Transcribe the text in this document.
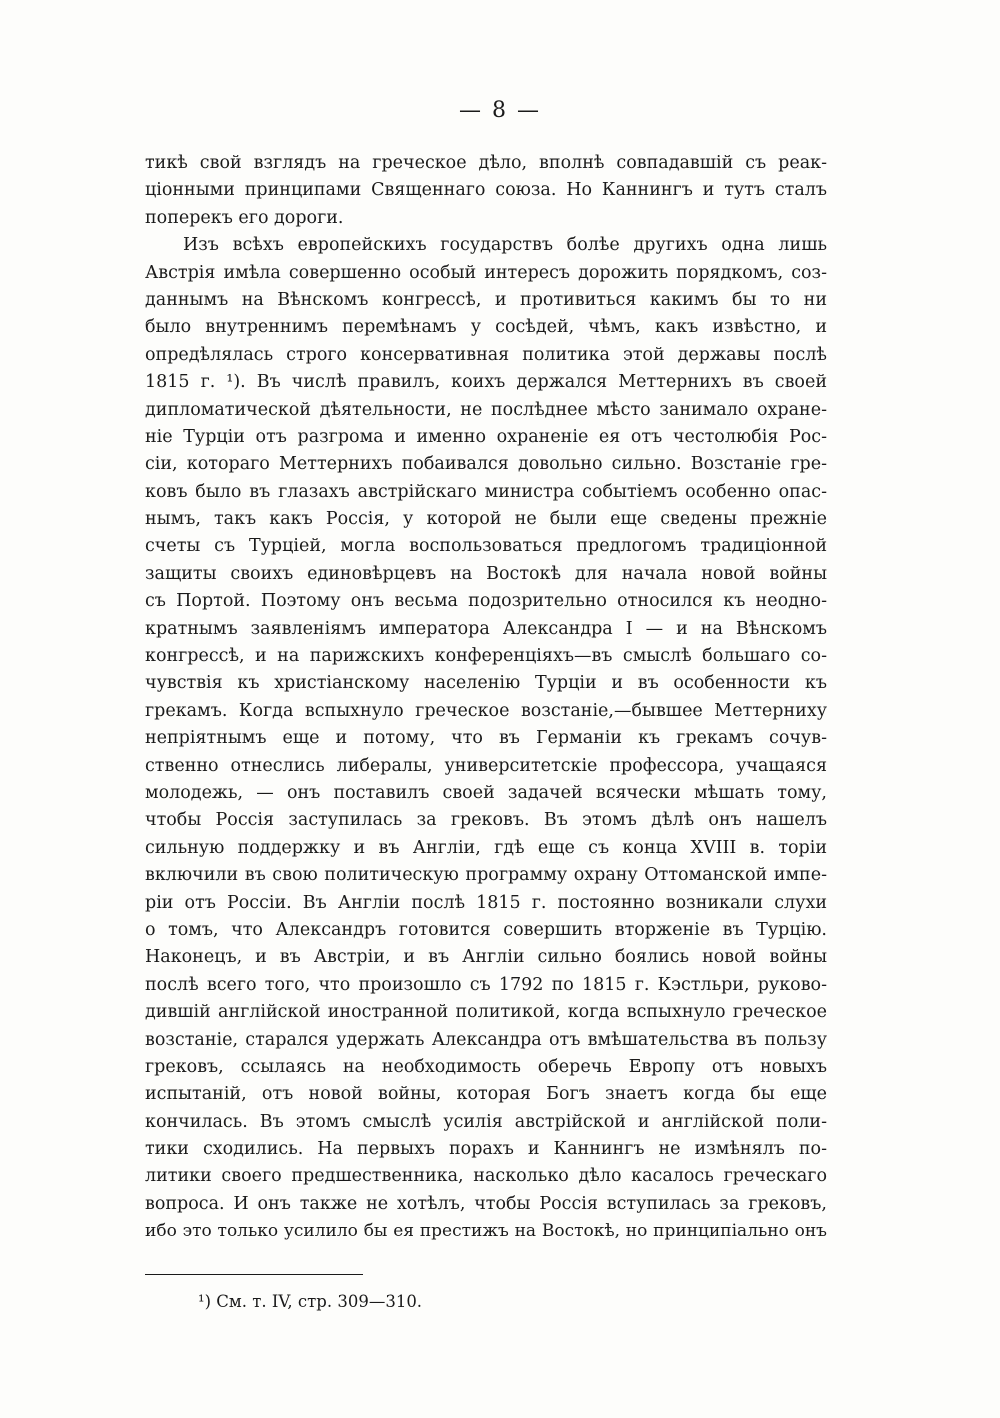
— 8 —
тикѣ свой взглядъ на греческое дѣло, вполнѣ совпадавшiй съ реак-
цiонными принципами Священнаго союза. Но Каннингъ и тутъ сталъ
поперекъ его дороги.
Изъ всѣхъ европейскихъ государствъ болѣе другихъ одна лишь
Австрiя имѣла совершенно особый интересъ дорожить порядкомъ, соз-
даннымъ на Вѣнскомъ конгрессѣ, и противиться какимъ бы то ни
было внутреннимъ перемѣнамъ у сосѣдей, чѣмъ, какъ извѣстно, и
опредѣлялась строго консервативная политика этой державы послѣ
1815 г. ¹). Въ числѣ правилъ, коихъ держался Меттернихъ въ своей
дипломатической дѣятельности, не послѣднее мѣсто занимало охране-
нiе Турцiи отъ разгрома и именно охраненiе ея отъ честолюбiя Рос-
сiи, котораго Меттернихъ побаивался довольно сильно. Возстанiе гре-
ковъ было въ глазахъ австрiйскаго министра событiемъ особенно опас-
нымъ, такъ какъ Россiя, у которой не были еще сведены прежнiе
счеты съ Турцiей, могла воспользоваться предлогомъ традицiонной
защиты своихъ единовѣрцевъ на Востокѣ для начала новой войны
съ Портой. Поэтому онъ весьма подозрительно относился къ неодно-
кратнымъ заявленiямъ императора Александра I — и на Вѣнскомъ
конгрессѣ, и на парижскихъ конференцiяхъ—въ смыслѣ большаго со-
чувствiя къ христiанскому населенiю Турцiи и въ особенности къ
грекамъ. Когда вспыхнуло греческое возстанiе,—бывшее Меттерниху
непрiятнымъ еще и потому, что въ Германiи къ грекамъ сочув-
ственно отнеслись либералы, университетскiе профессора, учащаяся
молодежь, — онъ поставилъ своей задачей всячески мѣшать тому,
чтобы Россiя заступилась за грековъ. Въ этомъ дѣлѣ онъ нашелъ
сильную поддержку и въ Англiи, гдѣ еще съ конца XVIII в. торiи
включили въ свою политическую программу охрану Оттоманской импе-
рiи отъ Россiи. Въ Англiи послѣ 1815 г. постоянно возникали слухи
о томъ, что Александръ готовится совершить вторженiе въ Турцiю.
Наконецъ, и въ Австрiи, и въ Англiи сильно боялись новой войны
послѣ всего того, что произошло съ 1792 по 1815 г. Кэстльри, руково-
дившiй англiйской иностранной политикой, когда вспыхнуло греческое
возстанiе, старался удержать Александра отъ вмѣшательства въ пользу
грековъ, ссылаясь на необходимость оберечь Европу отъ новыхъ
испытанiй, отъ новой войны, которая Богъ знаетъ когда бы еще
кончилась. Въ этомъ смыслѣ усилiя австрiйской и англiйской поли-
тики сходились. На первыхъ порахъ и Каннингъ не измѣнялъ по-
литики своего предшественника, насколько дѣло касалось греческаго
вопроса. И онъ также не хотѣлъ, чтобы Россiя вступилась за грековъ,
ибо это только усилило бы ея престижъ на Востокѣ, но принципiально онъ
¹) См. т. IV, стр. 309—310.
